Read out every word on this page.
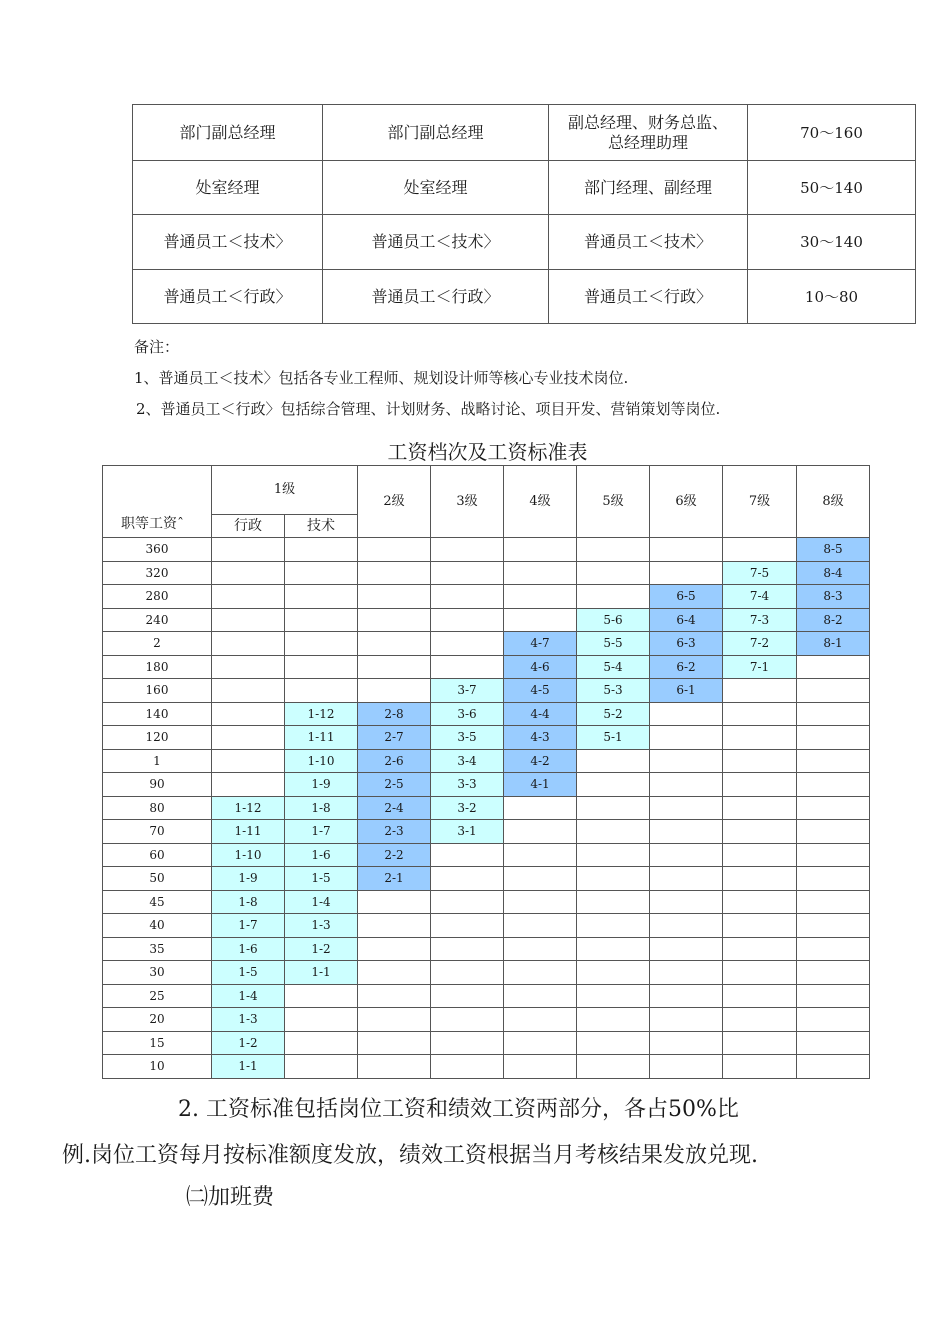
部门副总经理	部门副总经理	副总经理、财务总监、
总经理助理	70〜160
处室经理	处室经理	部门经理、副经理	50〜140
普通员工＜技术〉	普通员工＜技术〉	普通员工＜技术〉	30〜140
普通员工＜行政〉	普通员工＜行政〉	普通员工＜行政〉	10〜80
备注：
1、普通员工＜技术〉包括各专业工程师、规划设计师等核心专业技术岗位.
2、普通员工＜行政〉包括综合管理、计划财务、战略讨论、项目开发、营销策划等岗位.
工资档次及工资标准表
职等工资ˆ	1级		2级	3级	4级	5级	6级	7级	8级
	行政	技术							
360									8-5
320								7-5	8-4
280							6-5	7-4	8-3
240						5-6	6-4	7-3	8-2
2					4-7	5-5	6-3	7-2	8-1
180					4-6	5-4	6-2	7-1	
160				3-7	4-5	5-3	6-1		
140		1-12	2-8	3-6	4-4	5-2			
120		1-11	2-7	3-5	4-3	5-1			
1		1-10	2-6	3-4	4-2				
90		1-9	2-5	3-3	4-1				
80	1-12	1-8	2-4	3-2					
70	1-11	1-7	2-3	3-1					
60	1-10	1-6	2-2						
50	1-9	1-5	2-1						
45	1-8	1-4							
40	1-7	1-3							
35	1-6	1-2							
30	1-5	1-1							
25	1-4								
20	1-3								
15	1-2								
10	1-1								
2. 工资标准包括岗位工资和绩效工资两部分，各占50%比
例.岗位工资每月按标准额度发放，绩效工资根据当月考核结果发放兑现.
㈡加班费
